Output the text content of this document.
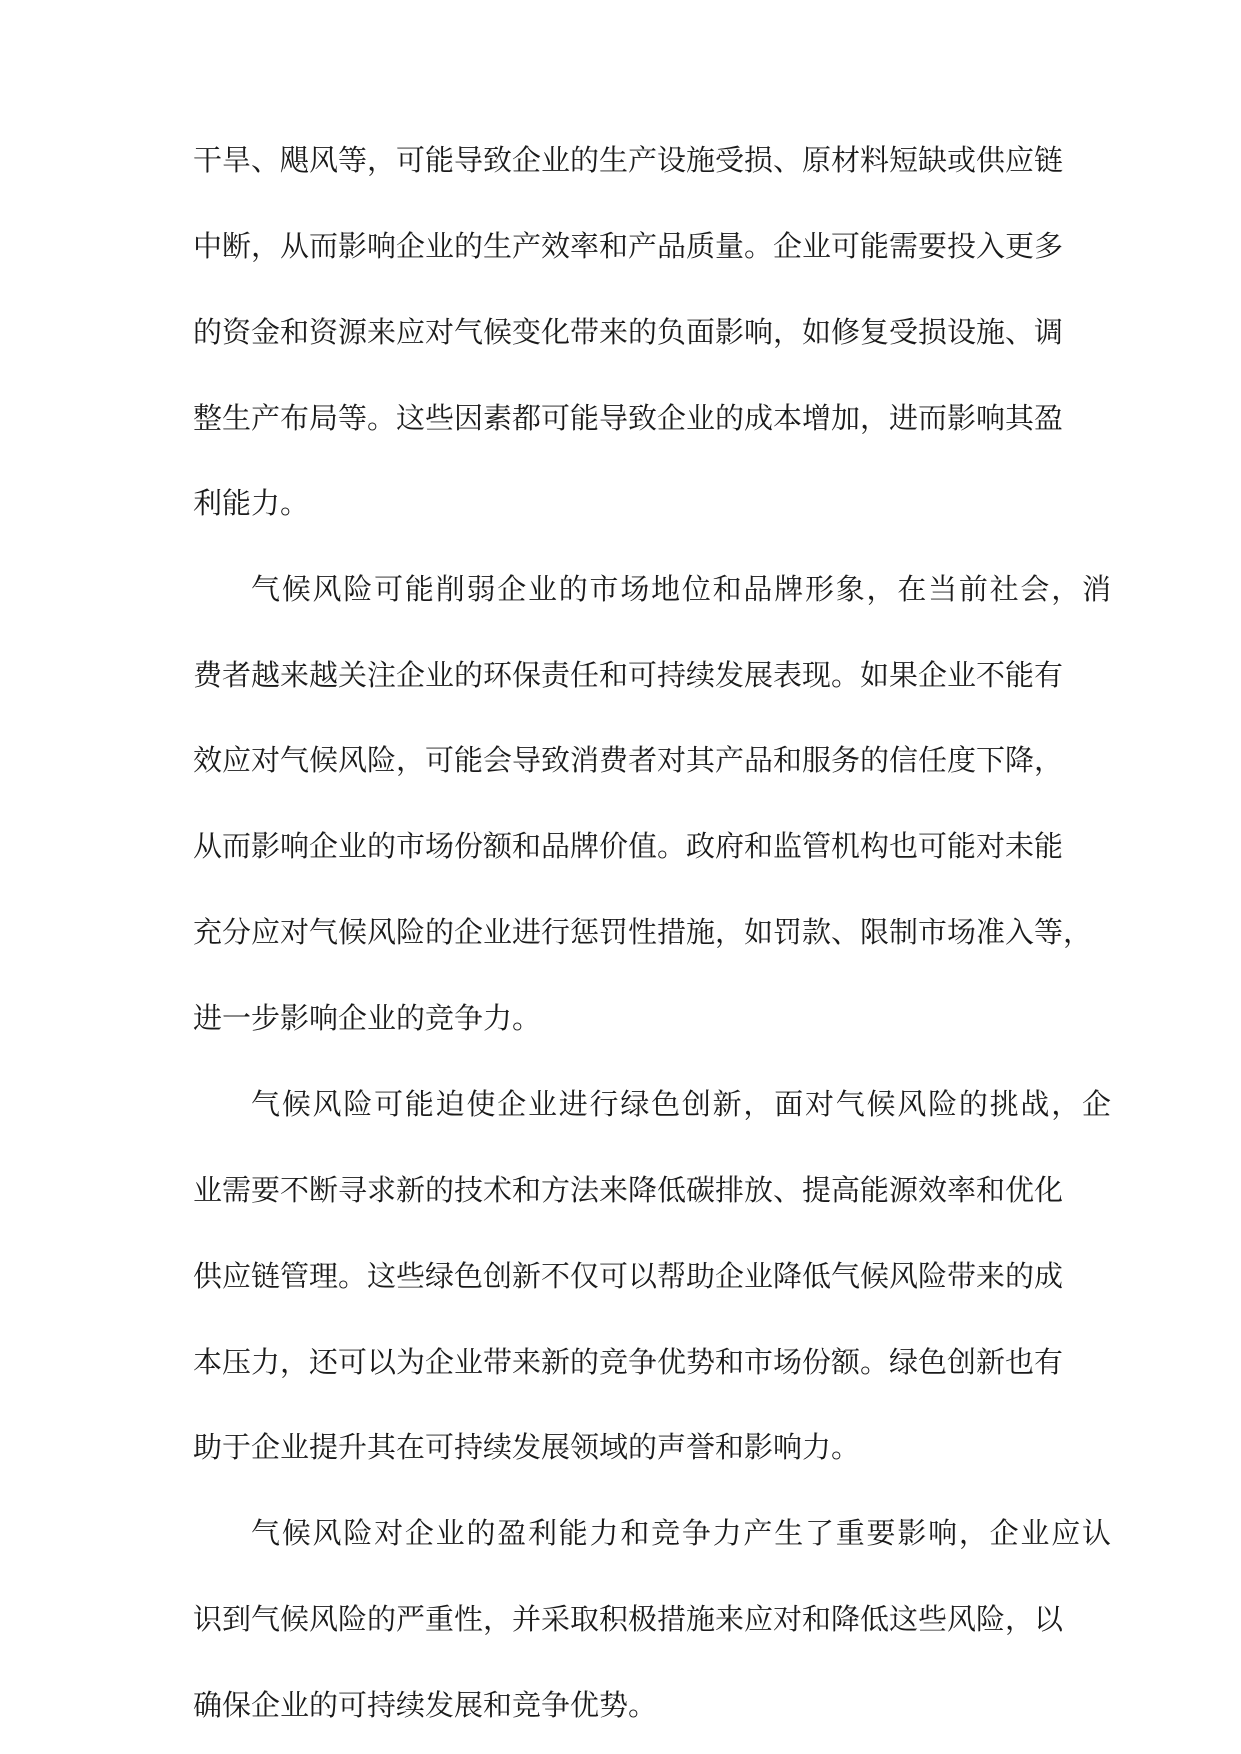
干旱、飓风等，可能导致企业的生产设施受损、原材料短缺或供应链
中断，从而影响企业的生产效率和产品质量。企业可能需要投入更多
的资金和资源来应对气候变化带来的负面影响，如修复受损设施、调
整生产布局等。这些因素都可能导致企业的成本增加，进而影响其盈
利能力。
气候风险可能削弱企业的市场地位和品牌形象，在当前社会，消
费者越来越关注企业的环保责任和可持续发展表现。如果企业不能有
效应对气候风险，可能会导致消费者对其产品和服务的信任度下降，
从而影响企业的市场份额和品牌价值。政府和监管机构也可能对未能
充分应对气候风险的企业进行惩罚性措施，如罚款、限制市场准入等，
进一步影响企业的竞争力。
气候风险可能迫使企业进行绿色创新，面对气候风险的挑战，企
业需要不断寻求新的技术和方法来降低碳排放、提高能源效率和优化
供应链管理。这些绿色创新不仅可以帮助企业降低气候风险带来的成
本压力，还可以为企业带来新的竞争优势和市场份额。绿色创新也有
助于企业提升其在可持续发展领域的声誉和影响力。
气候风险对企业的盈利能力和竞争力产生了重要影响，企业应认
识到气候风险的严重性，并采取积极措施来应对和降低这些风险，以
确保企业的可持续发展和竞争优势。
